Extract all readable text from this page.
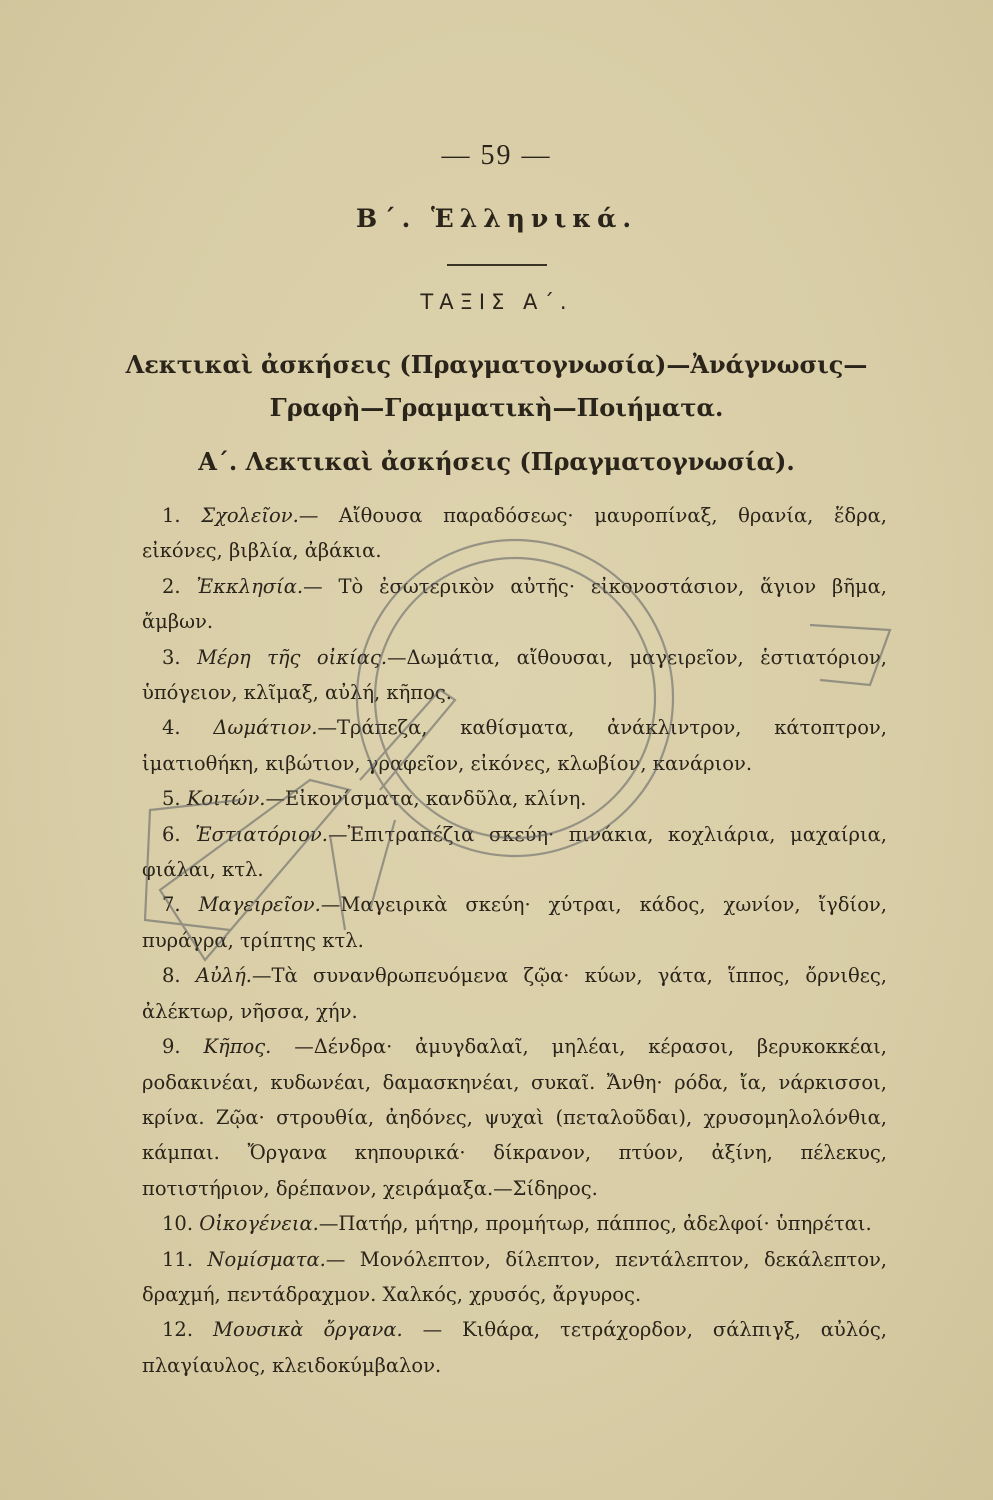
— 59 —
Β΄. Ἑλληνικά.
ΤΑΞΙΣ Α΄.
Λεκτικαὶ ἀσκήσεις (Πραγματογνωσία)—Ἀνάγνωσις—
Γραφὴ—Γραμματικὴ—Ποιήματα.
Α΄. Λεκτικαὶ ἀσκήσεις (Πραγματογνωσία).

1. Σχολεῖον.— Αἴθουσα παραδόσεως· μαυροπίναξ, θρανία, ἕδρα, εἰκόνες, βιβλία, ἀβάκια.

2. Ἐκκλησία.— Τὸ ἐσωτερικὸν αὐτῆς· εἰκονοστάσιον, ἅγιον βῆμα, ἄμβων.

3. Μέρη τῆς οἰκίας.—Δωμάτια, αἴθουσαι, μαγειρεῖον, ἑστιατόριον, ὑπόγειον, κλῖμαξ, αὐλή, κῆπος.

4. Δωμάτιον.—Τράπεζα, καθίσματα, ἀνάκλιντρον, κάτοπτρον, ἱματιοθήκη, κιβώτιον, γραφεῖον, εἰκόνες, κλωβίον, κανάριον.

5. Κοιτών.—Εἰκονίσματα, κανδῦλα, κλίνη.

6. Ἑστιατόριον.—Ἐπιτραπέζια σκεύη· πινάκια, κοχλιάρια, μαχαίρια, φιάλαι, κτλ.

7. Μαγειρεῖον.—Μαγειρικὰ σκεύη· χύτραι, κάδος, χωνίον, ἴγδίον, πυράγρα, τρίπτης κτλ.

8. Αὐλή.—Τὰ συνανθρωπευόμενα ζῷα· κύων, γάτα, ἵππος, ὄρνιθες, ἀλέκτωρ, νῆσσα, χήν.

9. Κῆπος. —Δένδρα· ἀμυγδαλαῖ, μηλέαι, κέρασοι, βερυκοκκέαι, ροδακινέαι, κυδωνέαι, δαμασκηνέαι, συκαῖ. Ἄνθη· ρόδα, ἴα, νάρκισσοι, κρίνα. Ζῷα· στρουθία, ἀηδόνες, ψυχαὶ (πεταλοῦδαι), χρυσομηλολόνθια, κάμπαι. Ὄργανα κηπουρικά· δίκρανον, πτύον, ἀξίνη, πέλεκυς, ποτιστήριον, δρέπανον, χειράμαξα.—Σίδηρος.

10. Οἰκογένεια.—Πατήρ, μήτηρ, προμήτωρ, πάππος, ἀδελφοί· ὑπηρέται.

11. Νομίσματα.— Μονόλεπτον, δίλεπτον, πεντάλεπτον, δεκάλεπτον, δραχμή, πεντάδραχμον. Χαλκός, χρυσός, ἄργυρος.

12. Μουσικὰ ὄργανα. — Κιθάρα, τετράχορδον, σάλπιγξ, αὐλός, πλαγίαυλος, κλειδοκύμβαλον.
